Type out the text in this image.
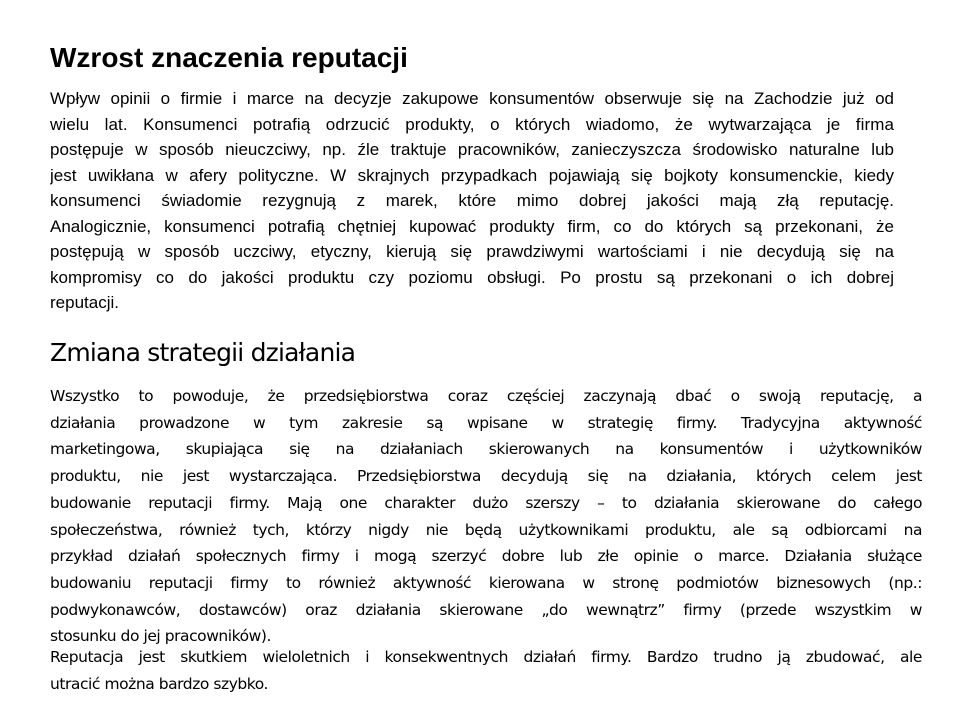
Wzrost znaczenia reputacji

Wpływ opinii o firmie i marce na decyzje zakupowe konsumentów obserwuje się na Zachodzie już od
wielu lat. Konsumenci potrafią odrzucić produkty, o których wiadomo, że wytwarzająca je firma
postępuje w sposób nieuczciwy, np. źle traktuje pracowników, zanieczyszcza środowisko naturalne lub
jest uwikłana w afery polityczne. W skrajnych przypadkach pojawiają się bojkoty konsumenckie, kiedy
konsumenci świadomie rezygnują z marek, które mimo dobrej jakości mają złą reputację.
Analogicznie, konsumenci potrafią chętniej kupować produkty firm, co do których są przekonani, że
postępują w sposób uczciwy, etyczny, kierują się prawdziwymi wartościami i nie decydują się na
kompromisy co do jakości produktu czy poziomu obsługi. Po prostu są przekonani o ich dobrej
reputacji.

Zmiana strategii działania

Wszystko to powoduje, że przedsiębiorstwa coraz częściej zaczynają dbać o swoją reputację, a
działania prowadzone w tym zakresie są wpisane w strategię firmy. Tradycyjna aktywność
marketingowa, skupiająca się na działaniach skierowanych na konsumentów i użytkowników
produktu, nie jest wystarczająca. Przedsiębiorstwa decydują się na działania, których celem jest
budowanie reputacji firmy. Mają one charakter dużo szerszy – to działania skierowane do całego
społeczeństwa, również tych, którzy nigdy nie będą użytkownikami produktu, ale są odbiorcami na
przykład działań społecznych firmy i mogą szerzyć dobre lub złe opinie o marce. Działania służące
budowaniu reputacji firmy to również aktywność kierowana w stronę podmiotów biznesowych (np.:
podwykonawców, dostawców) oraz działania skierowane „do wewnątrz” firmy (przede wszystkim w
stosunku do jej pracowników).

Reputacja jest skutkiem wieloletnich i konsekwentnych działań firmy. Bardzo trudno ją zbudować, ale
utracić można bardzo szybko.
